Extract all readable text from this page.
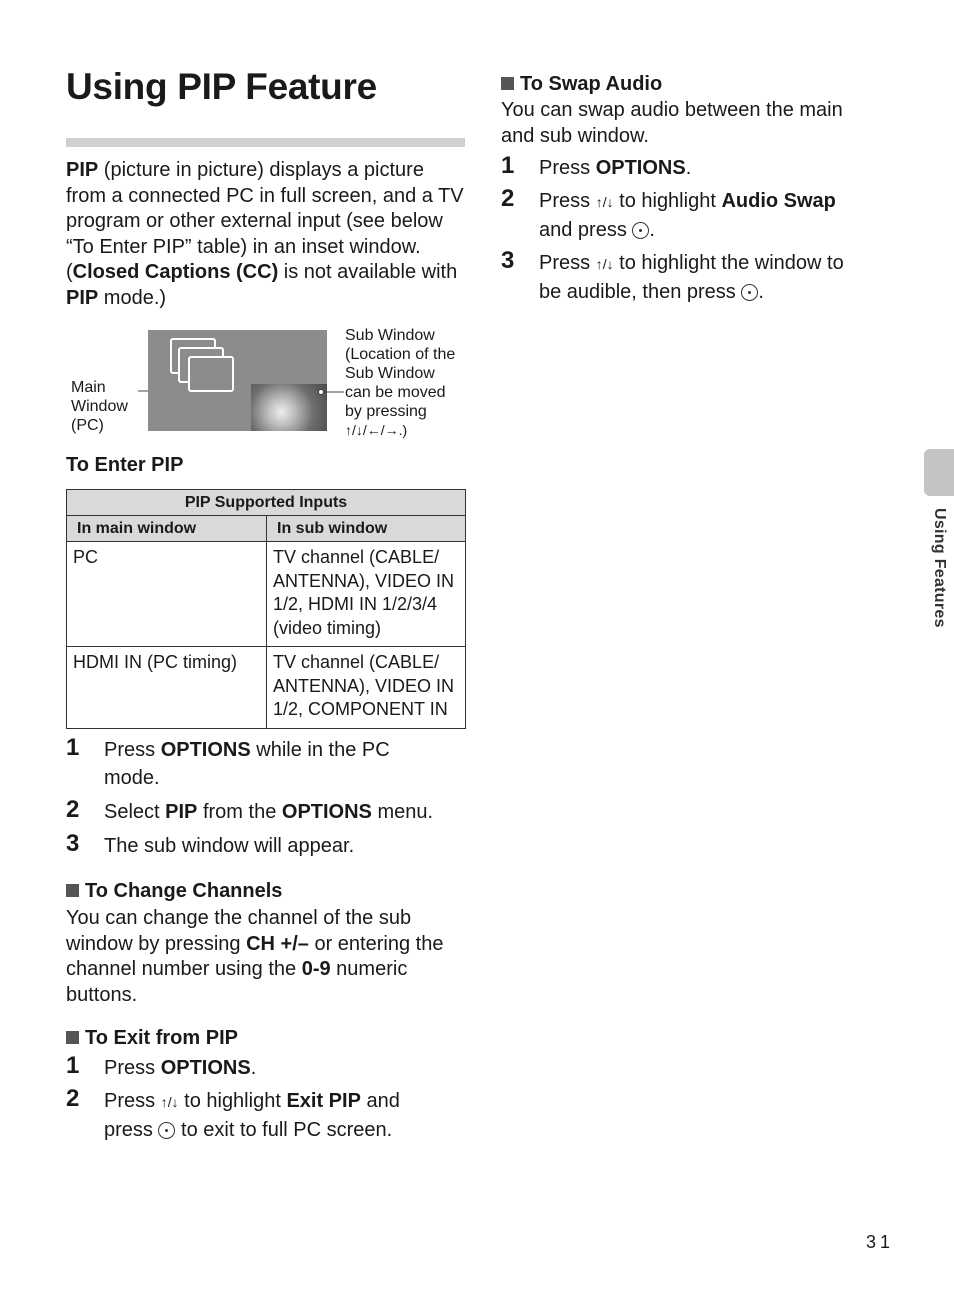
Using PIP Feature
PIP (picture in picture) displays a picture from a connected PC in full screen, and a TV program or other external input (see below “To Enter PIP” table) in an inset window. (Closed Captions (CC) is not available with PIP mode.)
Main
Window
(PC)
Sub Window
(Location of the
Sub Window
can be moved
by pressing
↑/↓/←/→.)
To Enter PIP
PIP Supported Inputs	
In main window	In sub window
PC	TV channel (CABLE/
ANTENNA), VIDEO IN
1/2, HDMI IN 1/2/3/4
(video timing)

HDMI IN (PC timing)	TV channel (CABLE/
ANTENNA), VIDEO IN
1/2, COMPONENT IN
1 Press OPTIONS while in the PC
mode.
2 Select PIP from the OPTIONS menu.
3 The sub window will appear.
To Change Channels
You can change the channel of the sub window by pressing CH +/– or entering the channel number using the 0-9 numeric buttons.
To Exit from PIP
1 Press OPTIONS.
2 Press ↑/↓ to highlight Exit PIP and
press  to exit to full PC screen.
To Swap Audio
You can swap audio between the main
and sub window.
1 Press OPTIONS.
2 Press ↑/↓ to highlight Audio Swap
and press .
3 Press ↑/↓ to highlight the window to
be audible, then press .
Using Features
31
